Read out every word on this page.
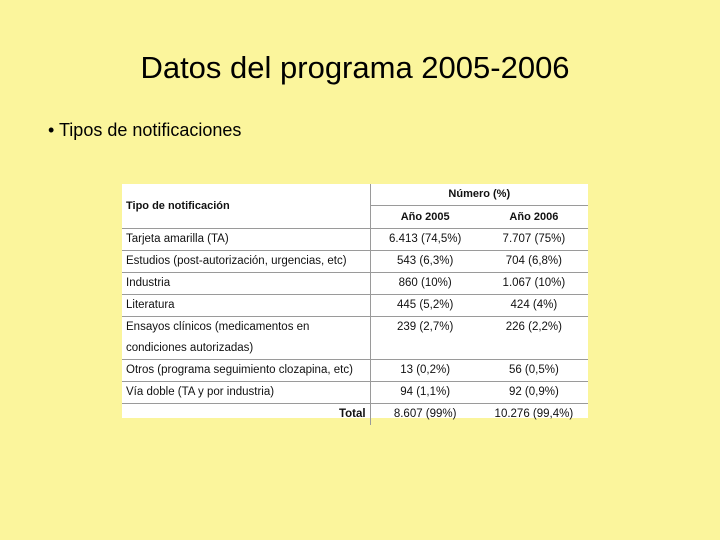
Datos del programa 2005-2006
• Tipos de notificaciones
Tipo de notificación	Número (%)	
	Año 2005	Año 2006
Tarjeta amarilla (TA)	6.413 (74,5%)	7.707 (75%)
Estudios (post-autorización, urgencias, etc)	543 (6,3%)	704 (6,8%)
Industria	860 (10%)	1.067 (10%)
Literatura	445 (5,2%)	424 (4%)
Ensayos clínicos (medicamentos en condiciones autorizadas)	239 (2,7%)	226 (2,2%)
Otros (programa seguimiento clozapina, etc)	13 (0,2%)	56 (0,5%)
Vía doble (TA y por industria)	94 (1,1%)	92 (0,9%)
Total	8.607 (99%)	10.276 (99,4%)
